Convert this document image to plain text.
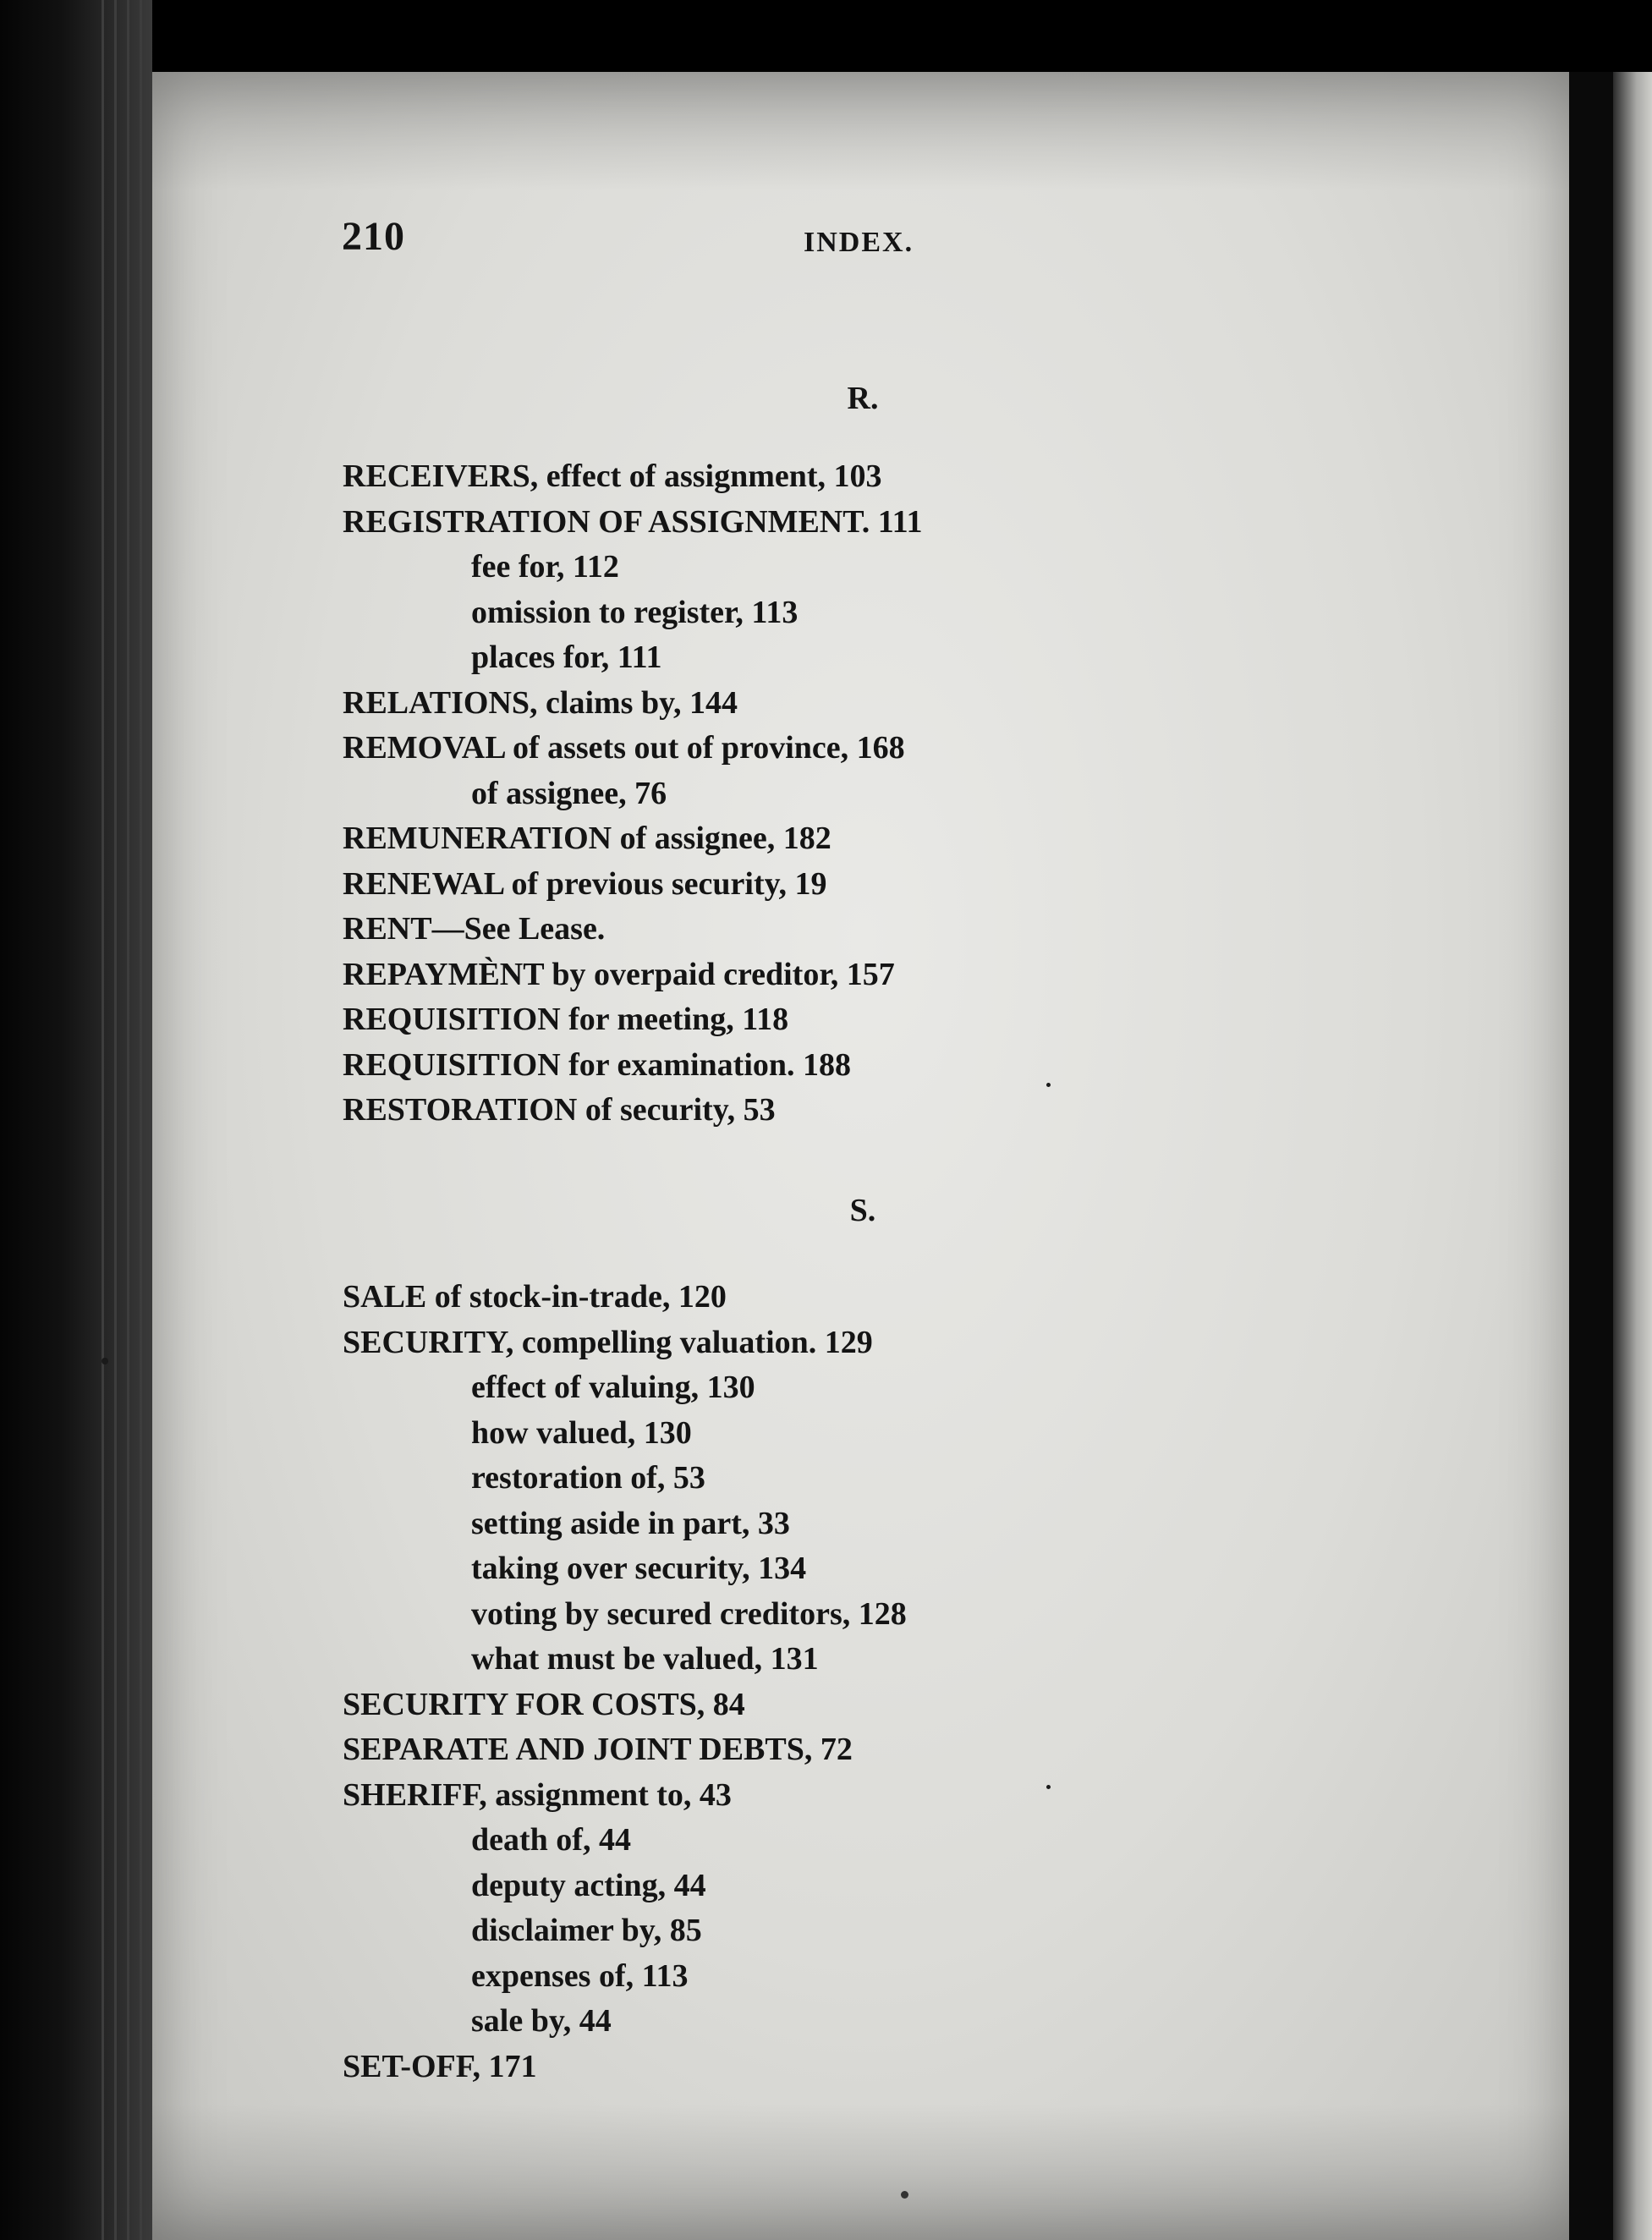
210	INDEX.
R.
RECEIVERS, effect of assignment, 103
REGISTRATION OF ASSIGNMENT. 111
fee for, 112
omission to register, 113
places for, 111
RELATIONS, claims by, 144
REMOVAL of assets out of province, 168
of assignee, 76
REMUNERATION of assignee, 182
RENEWAL of previous security, 19
RENT—See Lease.
REPAYMÈNT by overpaid creditor, 157
REQUISITION for meeting, 118
REQUISITION for examination. 188
RESTORATION of security, 53
S.
SALE of stock-in-trade, 120
SECURITY, compelling valuation. 129
effect of valuing, 130
how valued, 130
restoration of, 53
setting aside in part, 33
taking over security, 134
voting by secured creditors, 128
what must be valued, 131
SECURITY FOR COSTS, 84
SEPARATE AND JOINT DEBTS, 72
SHERIFF, assignment to, 43
death of, 44
deputy acting, 44
disclaimer by, 85
expenses of, 113
sale by, 44
SET-OFF, 171
